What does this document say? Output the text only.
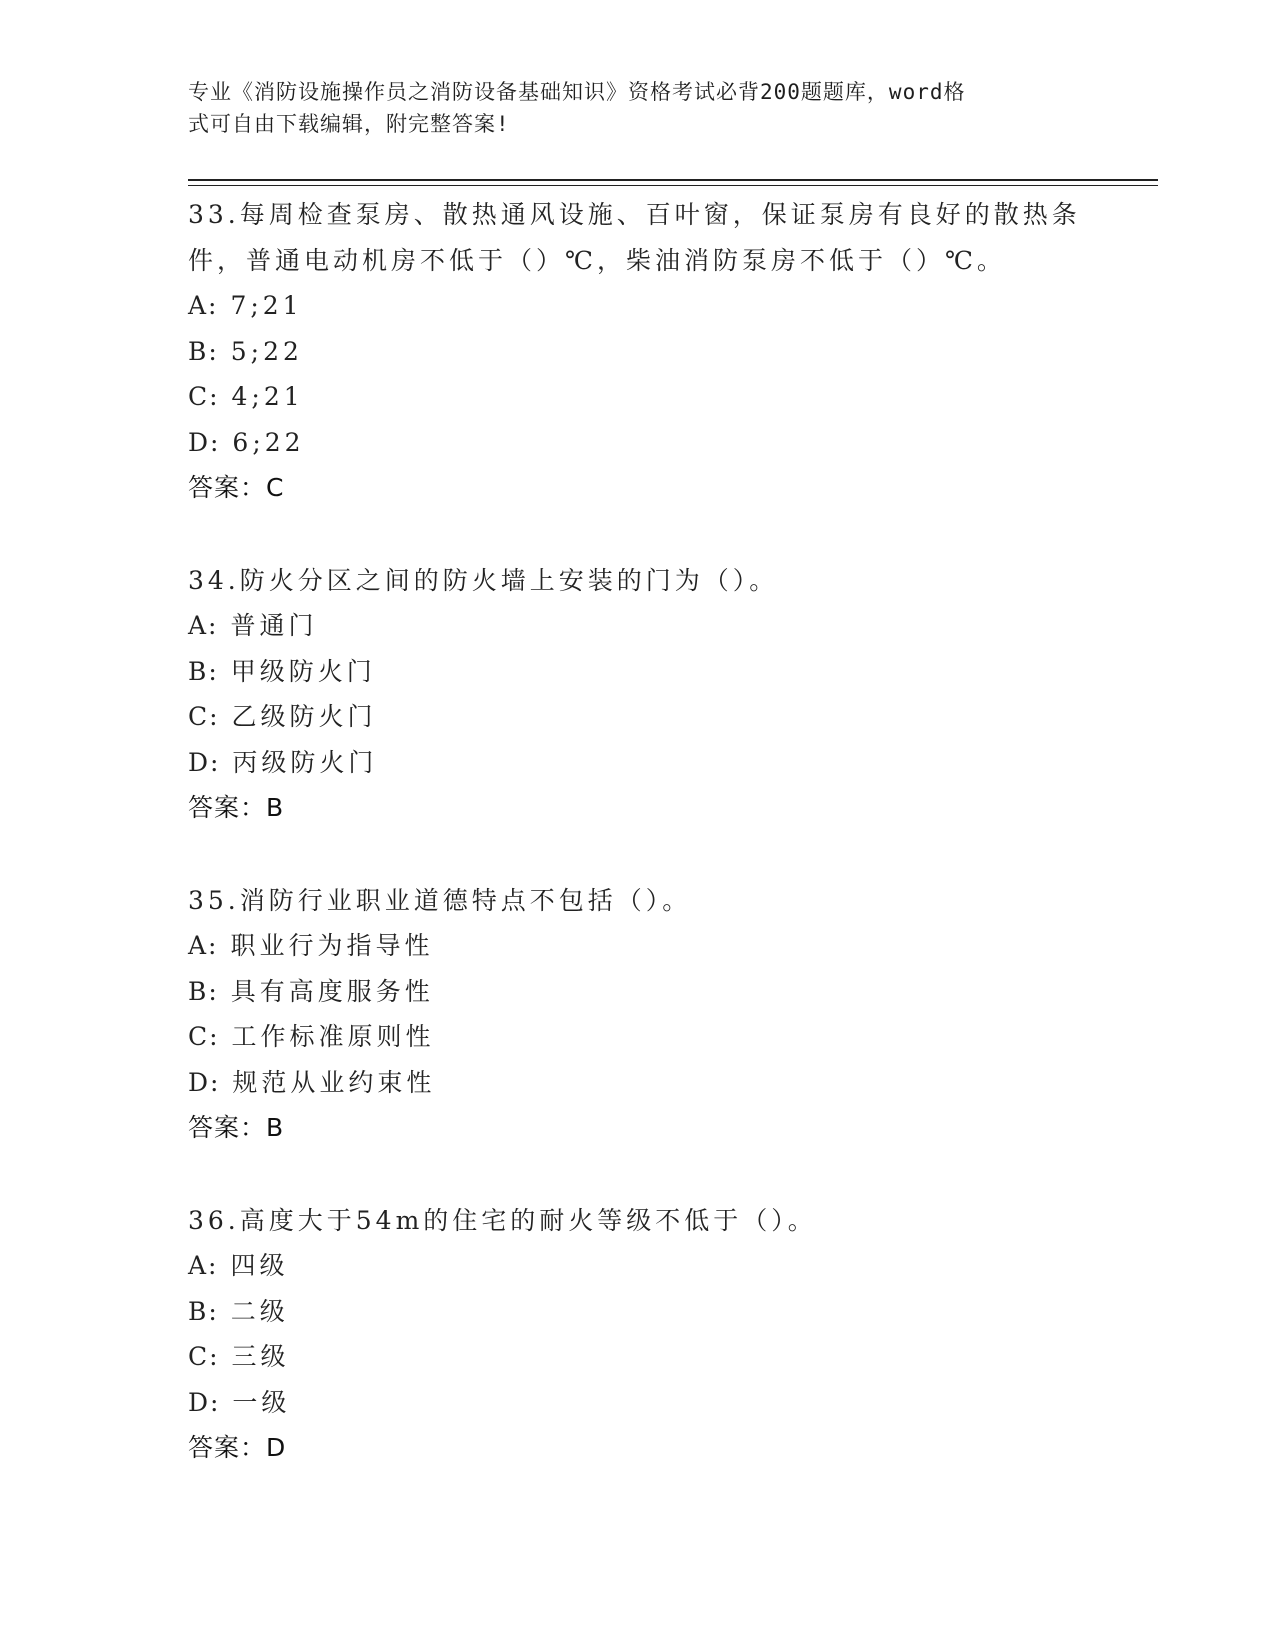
专业《消防设施操作员之消防设备基础知识》资格考试必背200题题库，word格
式可自由下载编辑，附完整答案!
33.每周检查泵房、散热通风设施、百叶窗，保证泵房有良好的散热条
件，普通电动机房不低于（）℃，柴油消防泵房不低于（）℃。
A: 7;21
B: 5;22
C: 4;21
D: 6;22
答案：C
34.防火分区之间的防火墙上安装的门为（）。
A: 普通门
B: 甲级防火门
C: 乙级防火门
D: 丙级防火门
答案：B
35.消防行业职业道德特点不包括（）。
A: 职业行为指导性
B: 具有高度服务性
C: 工作标准原则性
D: 规范从业约束性
答案：B
36.高度大于54m的住宅的耐火等级不低于（）。
A: 四级
B: 二级
C: 三级
D: 一级
答案：D
